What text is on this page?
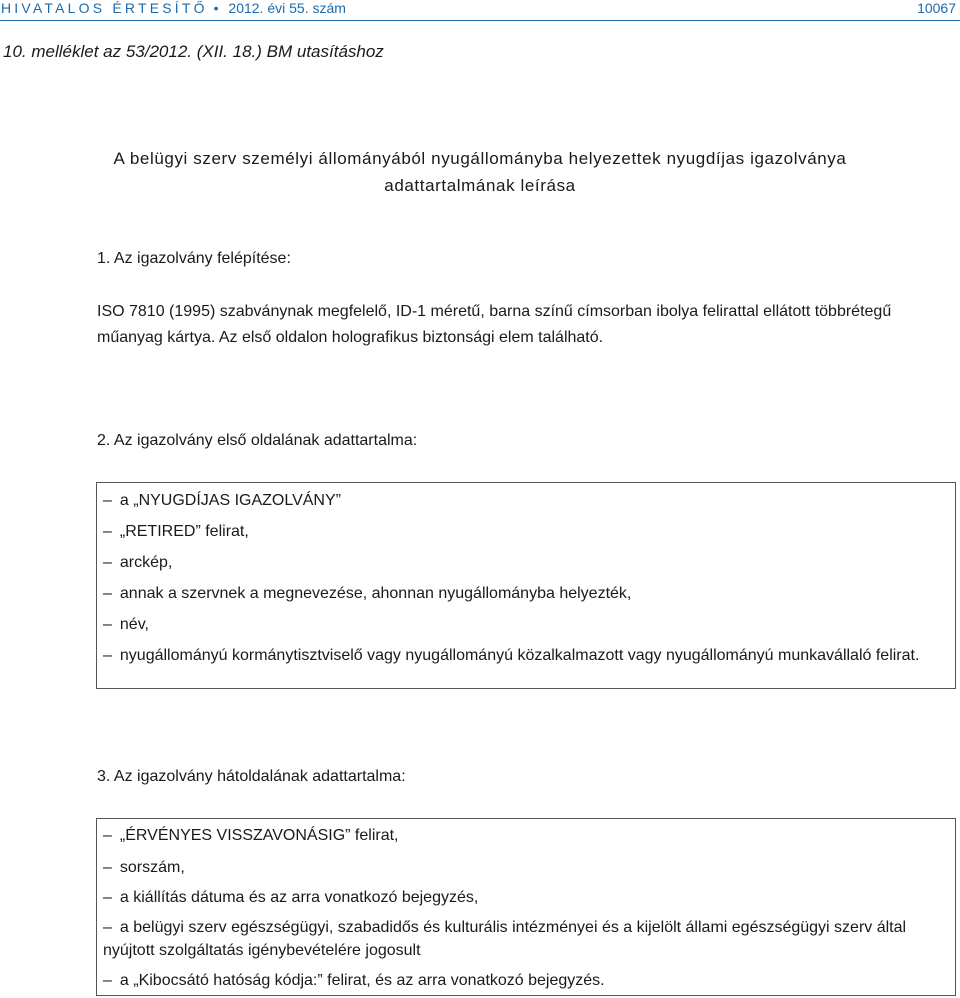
HIVATALOS ÉRTESÍTŐ • 2012. évi 55. szám	10067
10. melléklet az 53/2012. (XII. 18.) BM utasításhoz
A belügyi szerv személyi állományából nyugállományba helyezettek nyugdíjas igazolványa
adattartalmának leírása
1. Az igazolvány felépítése:
ISO 7810 (1995) szabványnak megfelelő, ID-1 méretű, barna színű címsorban ibolya felirattal ellátott többrétegű műanyag kártya. Az első oldalon holografikus biztonsági elem található.
2. Az igazolvány első oldalának adattartalma:
– a „NYUGDÍJAS IGAZOLVÁNY”
– „RETIRED” felirat,
– arckép,
– annak a szervnek a megnevezése, ahonnan nyugállományba helyezték,
– név,
– nyugállományú kormánytisztviselő vagy nyugállományú közalkalmazott vagy nyugállományú munkavállaló felirat.
3. Az igazolvány hátoldalának adattartalma:
– „ÉRVÉNYES VISSZAVONÁSIG” felirat,
– sorszám,
– a kiállítás dátuma és az arra vonatkozó bejegyzés,
– a belügyi szerv egészségügyi, szabadidős és kulturális intézményei és a kijelölt állami egészségügyi szerv által nyújtott szolgáltatás igénybevételére jogosult
– a „Kibocsátó hatóság kódja:” felirat, és az arra vonatkozó bejegyzés.
